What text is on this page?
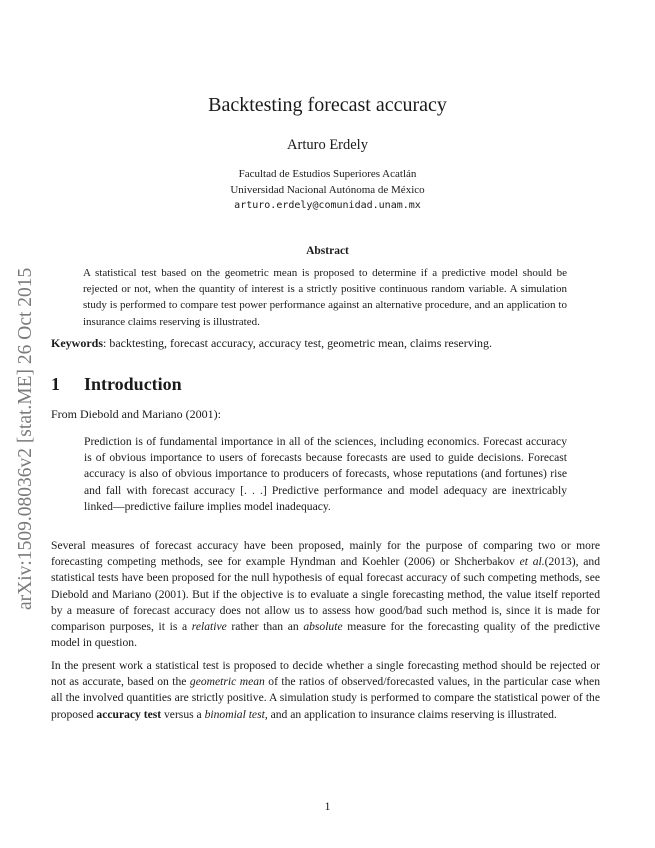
arXiv:1509.08036v2 [stat.ME] 26 Oct 2015
Backtesting forecast accuracy
Arturo Erdely
Facultad de Estudios Superiores Acatlán
Universidad Nacional Autónoma de México
arturo.erdely@comunidad.unam.mx
Abstract
A statistical test based on the geometric mean is proposed to determine if a predictive model should be rejected or not, when the quantity of interest is a strictly positive continuous random variable. A simulation study is performed to compare test power performance against an alternative procedure, and an application to insurance claims reserving is illustrated.
Keywords: backtesting, forecast accuracy, accuracy test, geometric mean, claims reserving.
1 Introduction
From Diebold and Mariano (2001):
Prediction is of fundamental importance in all of the sciences, including economics. Forecast accuracy is of obvious importance to users of forecasts because forecasts are used to guide decisions. Forecast accuracy is also of obvious importance to producers of forecasts, whose reputations (and fortunes) rise and fall with forecast accuracy [. . .] Predictive performance and model adequacy are inextricably linked—predictive failure implies model inadequacy.
Several measures of forecast accuracy have been proposed, mainly for the purpose of comparing two or more forecasting competing methods, see for example Hyndman and Koehler (2006) or Shcherbakov et al.(2013), and statistical tests have been proposed for the null hypothesis of equal forecast accuracy of such competing methods, see Diebold and Mariano (2001). But if the objective is to evaluate a single forecasting method, the value itself reported by a measure of forecast accuracy does not allow us to assess how good/bad such method is, since it is made for comparison purposes, it is a relative rather than an absolute measure for the forecasting quality of the predictive model in question.
In the present work a statistical test is proposed to decide whether a single forecasting method should be rejected or not as accurate, based on the geometric mean of the ratios of observed/forecasted values, in the particular case when all the involved quantities are strictly positive. A simulation study is performed to compare the statistical power of the proposed accuracy test versus a binomial test, and an application to insurance claims reserving is illustrated.
1
